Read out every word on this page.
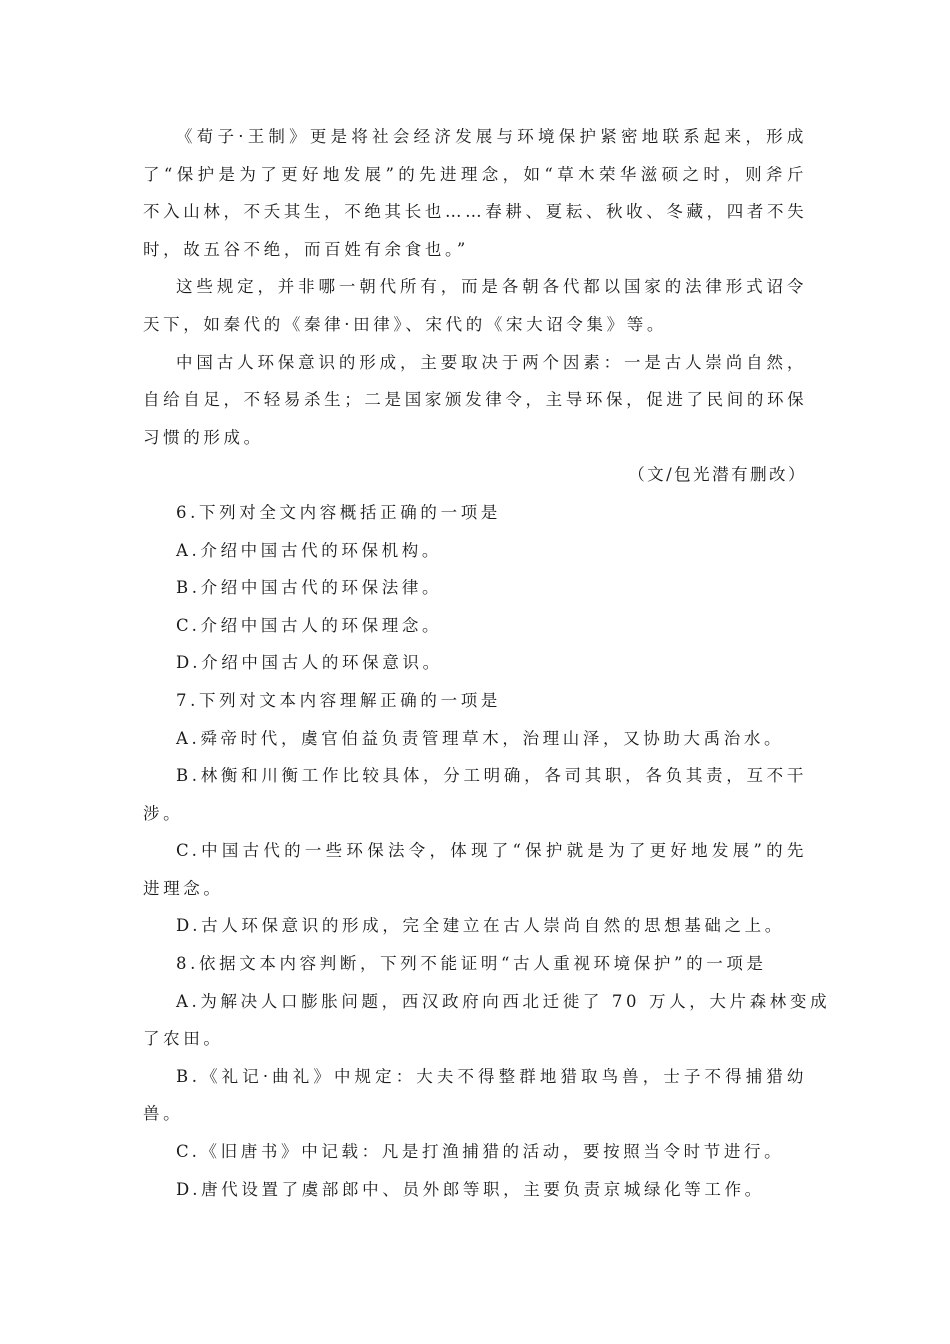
《荀子·王制》更是将社会经济发展与环境保护紧密地联系起来，形成
了“保护是为了更好地发展”的先进理念，如“草木荣华滋硕之时，则斧斤
不入山林，不夭其生，不绝其长也……春耕、夏耘、秋收、冬藏，四者不失
时，故五谷不绝，而百姓有余食也。”
这些规定，并非哪一朝代所有，而是各朝各代都以国家的法律形式诏令
天下，如秦代的《秦律·田律》、宋代的《宋大诏令集》等。
中国古人环保意识的形成，主要取决于两个因素：一是古人崇尚自然，
自给自足，不轻易杀生；二是国家颁发律令，主导环保，促进了民间的环保
习惯的形成。
（文/包光潜有删改）
6.下列对全文内容概括正确的一项是
A.介绍中国古代的环保机构。
B.介绍中国古代的环保法律。
C.介绍中国古人的环保理念。
D.介绍中国古人的环保意识。
7.下列对文本内容理解正确的一项是
A.舜帝时代，虞官伯益负责管理草木，治理山泽，又协助大禹治水。
B.林衡和川衡工作比较具体，分工明确，各司其职，各负其责，互不干
涉。
C.中国古代的一些环保法令，体现了“保护就是为了更好地发展”的先
进理念。
D.古人环保意识的形成，完全建立在古人崇尚自然的思想基础之上。
8.依据文本内容判断，下列不能证明“古人重视环境保护”的一项是
A.为解决人口膨胀问题，西汉政府向西北迁徙了 70 万人，大片森林变成
了农田。
B.《礼记·曲礼》中规定：大夫不得整群地猎取鸟兽，士子不得捕猎幼
兽。
C.《旧唐书》中记载：凡是打渔捕猎的活动，要按照当令时节进行。
D.唐代设置了虞部郎中、员外郎等职，主要负责京城绿化等工作。
